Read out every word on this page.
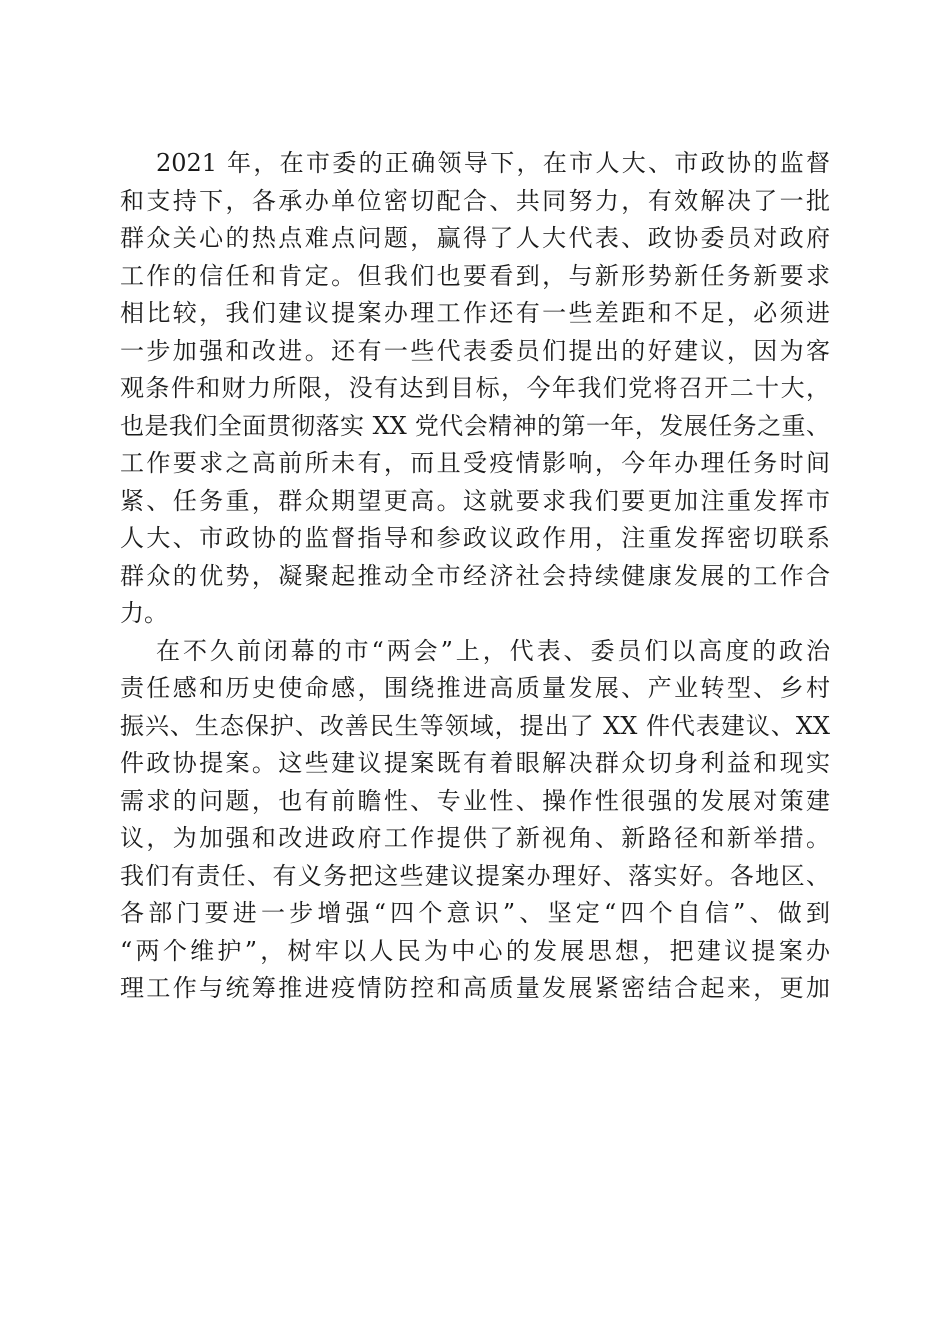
2021 年，在市委的正确领导下，在市人大、市政协的监督
和支持下，各承办单位密切配合、共同努力，有效解决了一批
群众关心的热点难点问题，赢得了人大代表、政协委员对政府
工作的信任和肯定。但我们也要看到，与新形势新任务新要求
相比较，我们建议提案办理工作还有一些差距和不足，必须进
一步加强和改进。还有一些代表委员们提出的好建议，因为客
观条件和财力所限，没有达到目标，今年我们党将召开二十大，
也是我们全面贯彻落实 XX 党代会精神的第一年，发展任务之重、
工作要求之高前所未有，而且受疫情影响，今年办理任务时间
紧、任务重，群众期望更高。这就要求我们要更加注重发挥市
人大、市政协的监督指导和参政议政作用，注重发挥密切联系
群众的优势，凝聚起推动全市经济社会持续健康发展的工作合
力。
在不久前闭幕的市“两会”上，代表、委员们以高度的政治
责任感和历史使命感，围绕推进高质量发展、产业转型、乡村
振兴、生态保护、改善民生等领域，提出了 XX 件代表建议、XX
件政协提案。这些建议提案既有着眼解决群众切身利益和现实
需求的问题，也有前瞻性、专业性、操作性很强的发展对策建
议，为加强和改进政府工作提供了新视角、新路径和新举措。
我们有责任、有义务把这些建议提案办理好、落实好。各地区、
各部门要进一步增强“四个意识”、坚定“四个自信”、做到
“两个维护”，树牢以人民为中心的发展思想，把建议提案办
理工作与统筹推进疫情防控和高质量发展紧密结合起来，更加
